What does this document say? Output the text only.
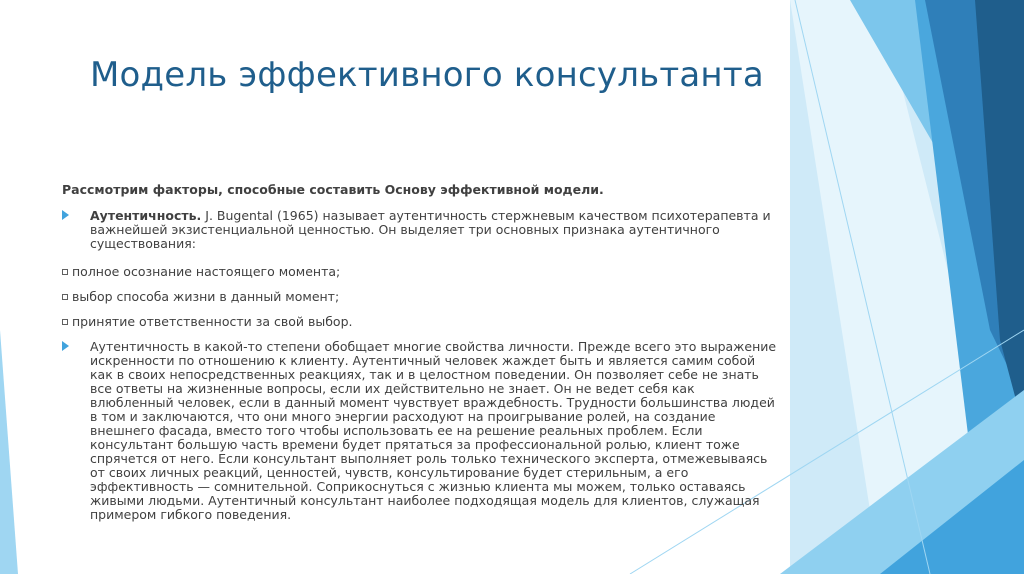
Модель эффективного консультанта

Рассмотрим факторы, способные составить Основу эффективной модели.

Аутентичность. J. Bugental (1965) называет аутентичность стержневым качеством психотерапевта и важнейшей экзистенциальной ценностью. Он выделяет три основных признака аутентичного существования:
полное осознание настоящего момента;
выбор способа жизни в данный момент;
принятие ответственности за свой выбор.
Аутентичность в какой-то степени обобщает многие свойства личности. Прежде всего это выражение искренности по отношению к клиенту. Аутентичный человек жаждет быть и является самим собой как в своих непосредственных реакциях, так и в целостном поведении. Он позволяет себе не знать все ответы на жизненные вопросы, если их действительно не знает. Он не ведет себя как влюбленный человек, если в данный момент чувствует враждебность. Трудности большинства людей в том и заключаются, что они много энергии расходуют на проигрывание ролей, на создание внешнего фасада, вместо того чтобы использовать ее на решение реальных проблем. Если консультант большую часть времени будет прятаться за профессиональной ролью, клиент тоже спрячется от него. Если консультант выполняет роль только технического эксперта, отмежевываясь от своих личных реакций, ценностей, чувств, консультирование будет стерильным, а его эффективность — сомнительной. Соприкоснуться с жизнью клиента мы можем, только оставаясь живыми людьми. Аутентичный консультант наиболее подходящая модель для клиентов, служащая примером гибкого поведения.
